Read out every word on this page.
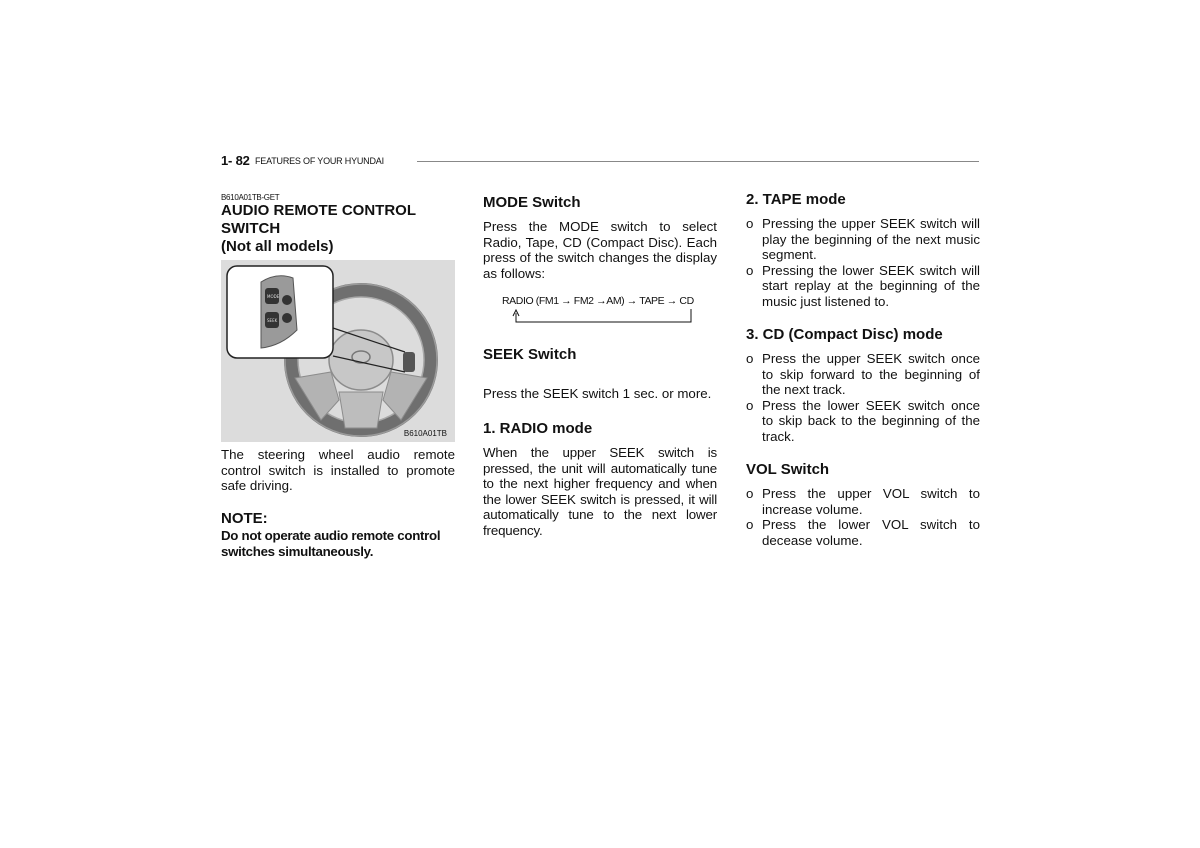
1- 82 FEATURES OF YOUR HYUNDAI
B610A01TB-GET
AUDIO REMOTE CONTROL
SWITCH
(Not all models)
MODE
SEEK
B610A01TB

The steering wheel audio remote control switch is installed to promote safe driving.

NOTE:

Do not operate audio remote control switches simultaneously.

MODE Switch

Press the MODE switch to select Radio, Tape, CD (Compact Disc). Each press of the switch changes the display as follows:

SEEK Switch

Press the SEEK switch 1 sec. or more.

1. RADIO mode

When the upper SEEK switch is pressed, the unit will automatically tune to the next higher frequency and when the lower SEEK switch is pressed, it will automatically tune to the next lower frequency.

RADIO (FM1 → FM2 →AM) → TAPE → CD
2. TAPE mode
o Pressing the upper SEEK switch will play the beginning of the next music segment.
o Pressing the lower SEEK switch will start replay at the beginning of the music just listened to.
3. CD (Compact Disc) mode
o Press the upper SEEK switch once to skip forward to the beginning of the next track.
o Press the lower SEEK switch once to skip back to the beginning of the track.
VOL Switch
o Press the upper VOL switch to increase volume.
o Press the lower VOL switch to decease volume.
